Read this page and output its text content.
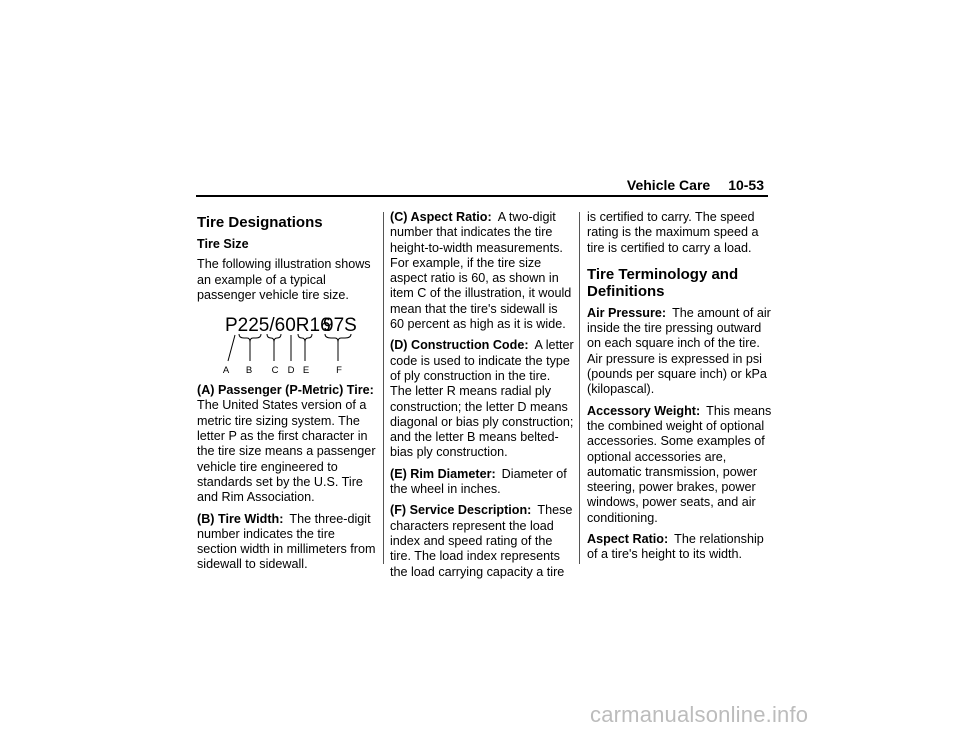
Vehicle Care 10-53
Tire Designations
Tire Size

The following illustration shows an example of a typical passenger vehicle tire size.

P225/60R16
97S
A B C D E	F

(A) Passenger (P-Metric) Tire: The United States version of a metric tire sizing system. The letter P as the first character in the tire size means a passenger vehicle tire engineered to standards set by the U.S. Tire and Rim Association.

(B) Tire Width: The three-digit number indicates the tire section width in millimeters from sidewall to sidewall.

(C) Aspect Ratio: A two-digit number that indicates the tire height-to-width measurements. For example, if the tire size aspect ratio is 60, as shown in item C of the illustration, it would mean that the tire's sidewall is 60 percent as high as it is wide.

(D) Construction Code: A letter code is used to indicate the type of ply construction in the tire. The letter R means radial ply construction; the letter D means diagonal or bias ply construction; and the letter B means belted-bias ply construction.

(E) Rim Diameter: Diameter of the wheel in inches.

(F) Service Description: These characters represent the load index and speed rating of the tire. The load index represents the load carrying capacity a tire

is certified to carry. The speed rating is the maximum speed a tire is certified to carry a load.

Tire Terminology and Definitions

Air Pressure: The amount of air inside the tire pressing outward on each square inch of the tire. Air pressure is expressed in psi (pounds per square inch) or kPa (kilopascal).

Accessory Weight: This means the combined weight of optional accessories. Some examples of optional accessories are, automatic transmission, power steering, power brakes, power windows, power seats, and air conditioning.

Aspect Ratio: The relationship of a tire's height to its width.

carmanualsonline.info
